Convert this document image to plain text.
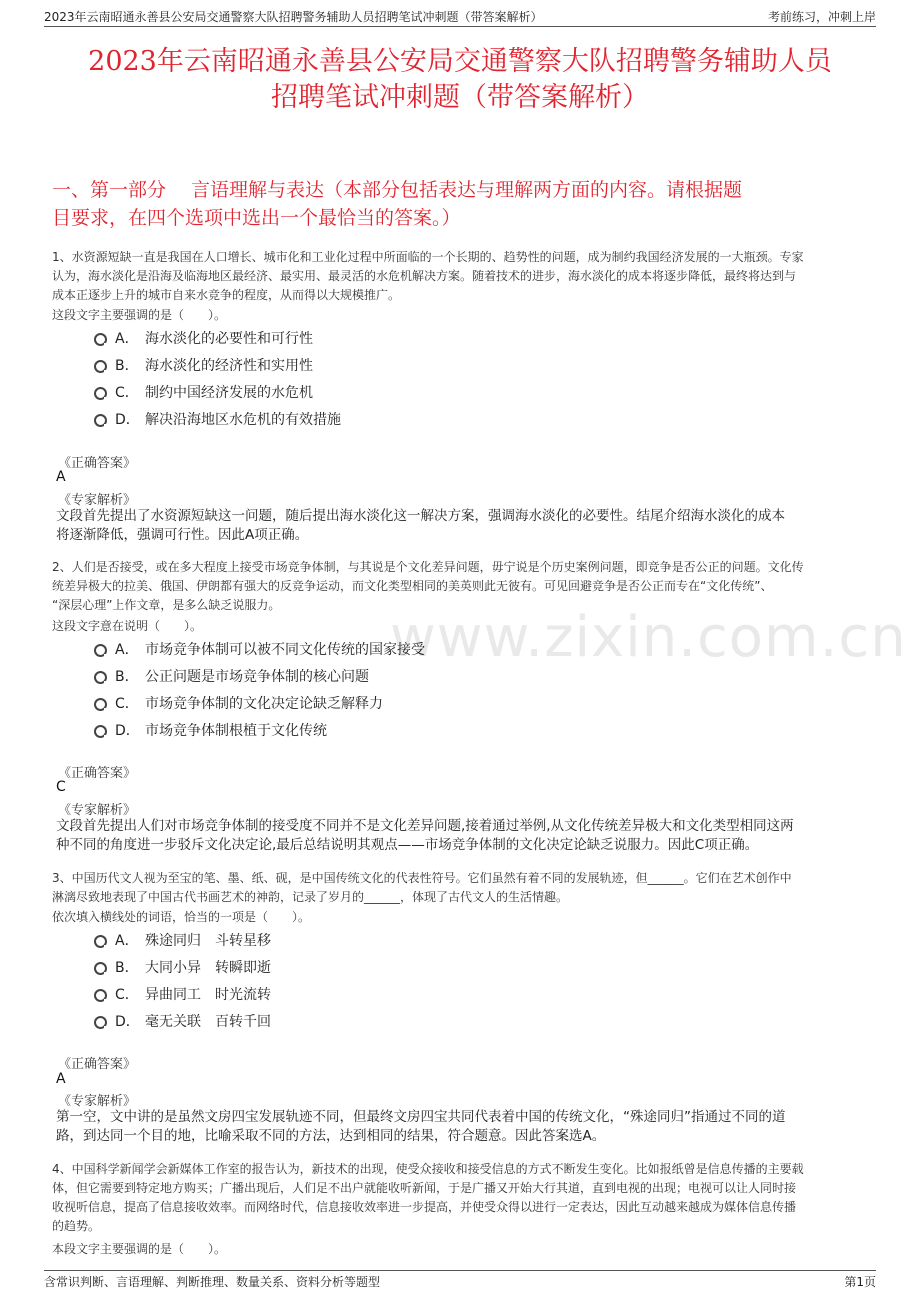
2023年云南昭通永善县公安局交通警察大队招聘警务辅助人员招聘笔试冲刺题（带答案解析）	考前练习，冲刺上岸
2023年云南昭通永善县公安局交通警察大队招聘警务辅助人员
招聘笔试冲刺题（带答案解析）
www.zixin.com.cn
一、第一部分　 言语理解与表达（本部分包括表达与理解两方面的内容。请根据题
目要求，在四个选项中选出一个最恰当的答案。）
1、水资源短缺一直是我国在人口增长、城市化和工业化过程中所面临的一个长期的、趋势性的问题，成为制约我国经济发展的一大瓶颈。专家
认为，海水淡化是沿海及临海地区最经济、最实用、最灵活的水危机解决方案。随着技术的进步，海水淡化的成本将逐步降低，最终将达到与
成本正逐步上升的城市自来水竞争的程度，从而得以大规模推广。
这段文字主要强调的是（　　）。
A． 海水淡化的必要性和可行性
B． 海水淡化的经济性和实用性
C． 制约中国经济发展的水危机
D． 解决沿海地区水危机的有效措施
《正确答案》
A
《专家解析》
文段首先提出了水资源短缺这一问题，随后提出海水淡化这一解决方案，强调海水淡化的必要性。结尾介绍海水淡化的成本
将逐渐降低，强调可行性。因此A项正确。
2、人们是否接受，或在多大程度上接受市场竞争体制，与其说是个文化差异问题，毋宁说是个历史案例问题，即竞争是否公正的问题。文化传
统差异极大的拉美、俄国、伊朗都有强大的反竞争运动，而文化类型相同的美英则此无彼有。可见回避竞争是否公正而专在“文化传统”、
“深层心理”上作文章，是多么缺乏说服力。
这段文字意在说明（　　）。
A． 市场竞争体制可以被不同文化传统的国家接受
B． 公正问题是市场竞争体制的核心问题
C． 市场竞争体制的文化决定论缺乏解释力
D． 市场竞争体制根植于文化传统
《正确答案》
C
《专家解析》
文段首先提出人们对市场竞争体制的接受度不同并不是文化差异问题,接着通过举例,从文化传统差异极大和文化类型相同这两
种不同的角度进一步驳斥文化决定论,最后总结说明其观点——市场竞争体制的文化决定论缺乏说服力。因此C项正确。
3、中国历代文人视为至宝的笔、墨、纸、砚，是中国传统文化的代表性符号。它们虽然有着不同的发展轨迹，但______。它们在艺术创作中
淋漓尽致地表现了中国古代书画艺术的神韵，记录了岁月的______，体现了古代文人的生活情趣。
依次填入横线处的词语，恰当的一项是（　　）。
A． 殊途同归　斗转星移
B． 大同小异　转瞬即逝
C． 异曲同工　时光流转
D． 毫无关联　百转千回
《正确答案》
A
《专家解析》
第一空，文中讲的是虽然文房四宝发展轨迹不同，但最终文房四宝共同代表着中国的传统文化，“殊途同归”指通过不同的道
路，到达同一个目的地，比喻采取不同的方法，达到相同的结果，符合题意。因此答案选A。
4、中国科学新闻学会新媒体工作室的报告认为，新技术的出现，使受众接收和接受信息的方式不断发生变化。比如报纸曾是信息传播的主要载
体，但它需要到特定地方购买；广播出现后，人们足不出户就能收听新闻，于是广播又开始大行其道，直到电视的出现；电视可以让人同时接
收视听信息，提高了信息接收效率。而网络时代，信息接收效率进一步提高，并使受众得以进行一定表达，因此互动越来越成为媒体信息传播
的趋势。
本段文字主要强调的是（　　）。
含常识判断、言语理解、判断推理、数量关系、资料分析等题型	第1页
